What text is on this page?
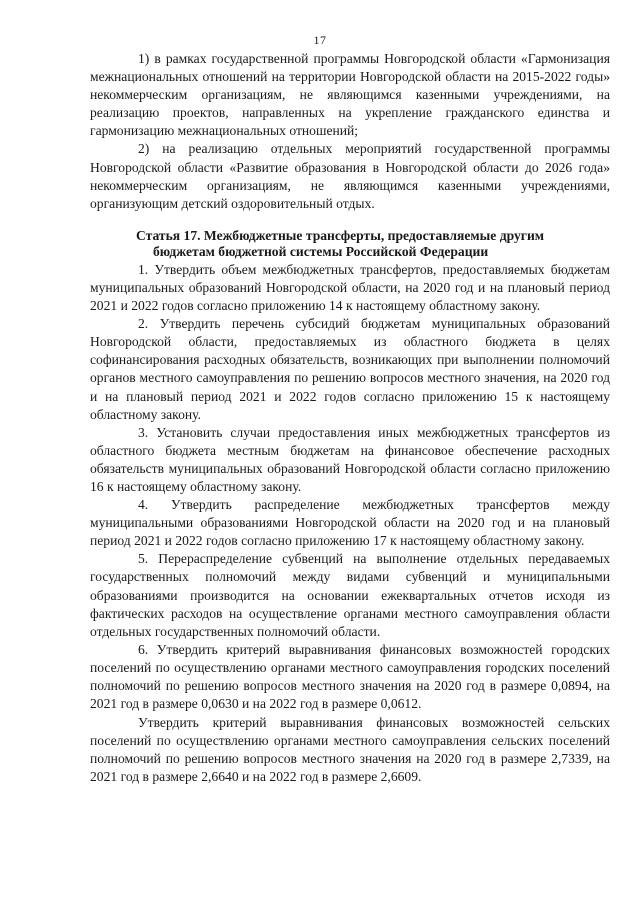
17

1) в рамках государственной программы Новгородской области «Гармонизация межнациональных отношений на территории Новгородской области на 2015-2022 годы» некоммерческим организациям, не являющимся казенными учреждениями, на реализацию проектов, направленных на укрепление гражданского единства и гармонизацию межнациональных отношений;

2) на реализацию отдельных мероприятий государственной программы Новгородской области «Развитие образования в Новгородской области до 2026 года» некоммерческим организациям, не являющимся казенными учреждениями, организующим детский оздоровительный отдых.

Статья 17. Межбюджетные трансферты, предоставляемые другим
бюджетам бюджетной системы Российской Федерации

1. Утвердить объем межбюджетных трансфертов, предоставляемых бюджетам муниципальных образований Новгородской области, на 2020 год и на плановый период 2021 и 2022 годов согласно приложению 14 к настоящему областному закону.

2. Утвердить перечень субсидий бюджетам муниципальных образований Новгородской области, предоставляемых из областного бюджета в целях софинансирования расходных обязательств, возникающих при выполнении полномочий органов местного самоуправления по решению вопросов местного значения, на 2020 год и на плановый период 2021 и 2022 годов согласно приложению 15 к настоящему областному закону.

3. Установить случаи предоставления иных межбюджетных трансфертов из областного бюджета местным бюджетам на финансовое обеспечение расходных обязательств муниципальных образований Новгородской области согласно приложению 16 к настоящему областному закону.

4. Утвердить распределение межбюджетных трансфертов между муниципальными образованиями Новгородской области на 2020 год и на плановый период 2021 и 2022 годов согласно приложению 17 к настоящему областному закону.

5. Перераспределение субвенций на выполнение отдельных передаваемых государственных полномочий между видами субвенций и муниципальными образованиями производится на основании ежеквартальных отчетов исходя из фактических расходов на осуществление органами местного самоуправления области отдельных государственных полномочий области.

6. Утвердить критерий выравнивания финансовых возможностей городских поселений по осуществлению органами местного самоуправления городских поселений полномочий по решению вопросов местного значения на 2020 год в размере 0,0894, на 2021 год в размере 0,0630 и на 2022 год в размере 0,0612.

Утвердить критерий выравнивания финансовых возможностей сельских поселений по осуществлению органами местного самоуправления сельских поселений полномочий по решению вопросов местного значения на 2020 год в размере 2,7339, на 2021 год в размере 2,6640 и на 2022 год в размере 2,6609.
